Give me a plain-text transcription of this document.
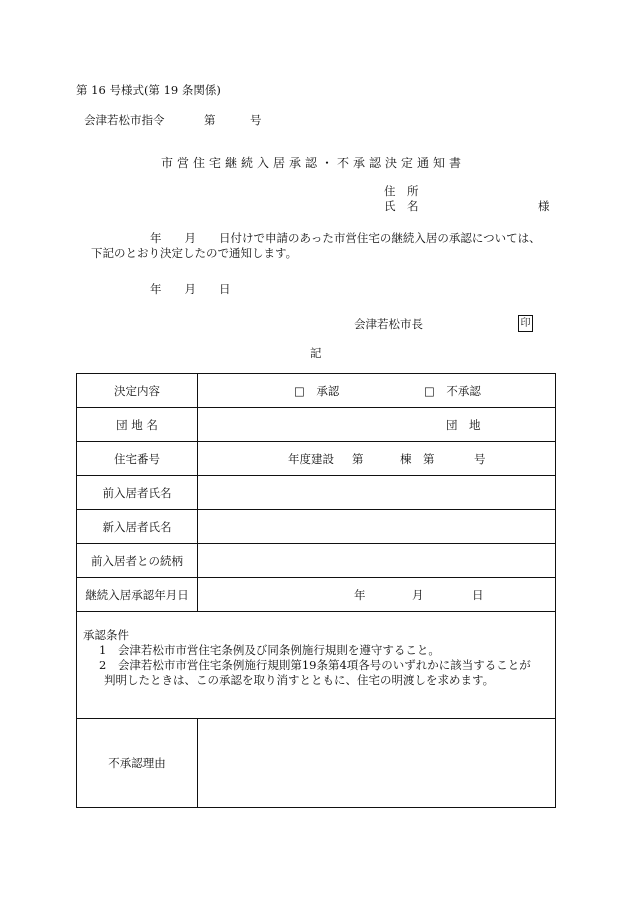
第 16 号様式(第 19 条関係)
会津若松市指令	第	号
市営住宅継続入居承認・不承認決定通知書
住　所
氏　名	様
年　　月　　日付けで申請のあった市営住宅の継続入居の承認については、
下記のとおり決定したので通知します。
年　　月　　日
会津若松市長	印
記
決定内容	□　承認 □　不承認

団 地 名	団　地

住宅番号	年度建設 第 棟　第 号

前入居者氏名	

新入居者氏名	

前入居者との続柄	

継続入居承認年月日	年 月 日

承認条件
1　会津若松市市営住宅条例及び同条例施行規則を遵守すること。
2　会津若松市市営住宅条例施行規則第19条第4項各号のいずれかに該当することが
判明したときは、この承認を取り消すとともに、住宅の明渡しを求めます。	

不承認理由	
